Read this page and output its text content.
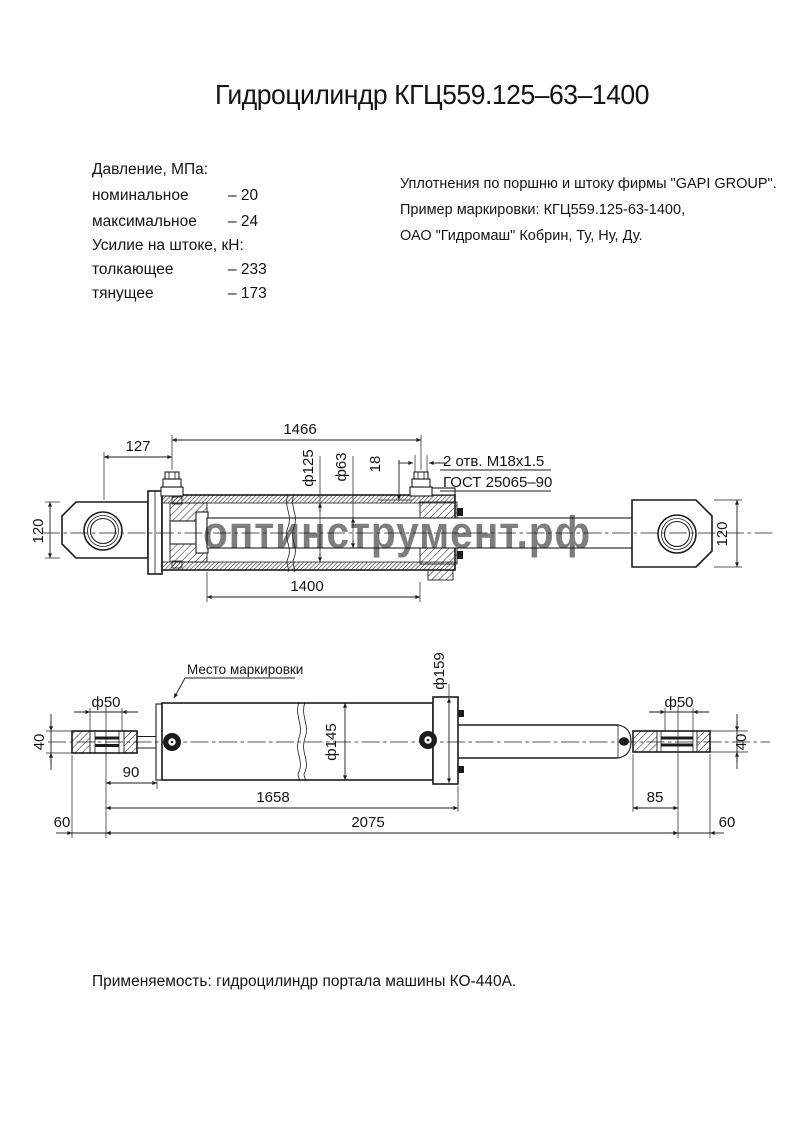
Гидроцилиндр КГЦ559.125–63–1400
Давление, МПа:
номинальное	– 20
максимальное – 24
Усилие на штоке, кН:
толкающее	– 233
тянущее	– 173
Уплотнения по поршню и штоку фирмы "GAPI GROUP".
Пример маркировки: КГЦ559.125-63-1400,
ОАО "Гидромаш" Кобрин, Ту, Ну, Ду.
127
1466
ф125 ф63 18	2 отв. М18х1.5
ГОСТ 25065–90
120	120
1400
оптинструмент.рф
Место маркировки
ф50
40
90
ф145
ф159
ф50
40
85
1658
2075
60	60
Применяемость: гидроцилиндр портала машины КО-440А.
